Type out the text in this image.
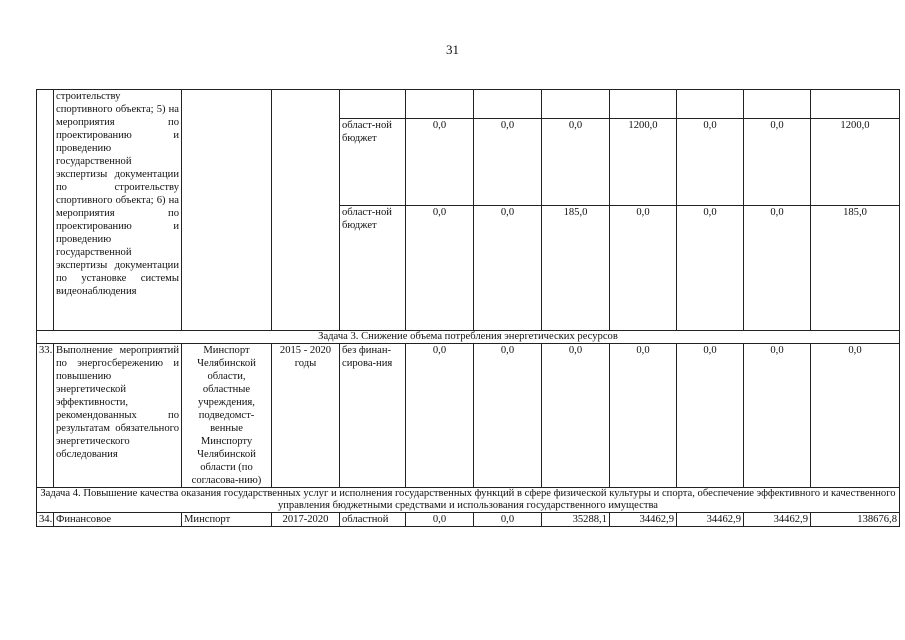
31
	строительству спортивного объекта; 5) на мероприятия по проектированию и проведению государственной экспертизы документации по строительству спортивного объекта; 6) на мероприятия по проектированию и проведению государственной экспертизы документации по установке системы видеонаблюдения										
				област-ной бюджет	0,0	0,0	0,0	1200,0	0,0	0,0	1200,0
				област-ной бюджет	0,0	0,0	185,0	0,0	0,0	0,0	185,0
Задача 3. Снижение объема потребления энергетических ресурсов											
33.	Выполнение мероприятий по энергосбережению и повышению энергетической эффективности, рекомендованных по результатам обязательного энергетического обследования	Минспорт Челябинской области, областные учреждения, подведомст-венные Минспорту Челябинской области (по согласова-нию)	2015 - 2020 годы	без финан-сирова-ния	0,0	0,0	0,0	0,0	0,0	0,0	0,0
Задача 4. Повышение качества оказания государственных услуг и исполнения государственных функций в сфере физической культуры и спорта, обеспечение эффективного и качественного управления бюджетными средствами и использования государственного имущества											
34.	Финансовое	Минспорт	2017-2020	областной	0,0	0,0	35288,1	34462,9	34462,9	34462,9	138676,8
